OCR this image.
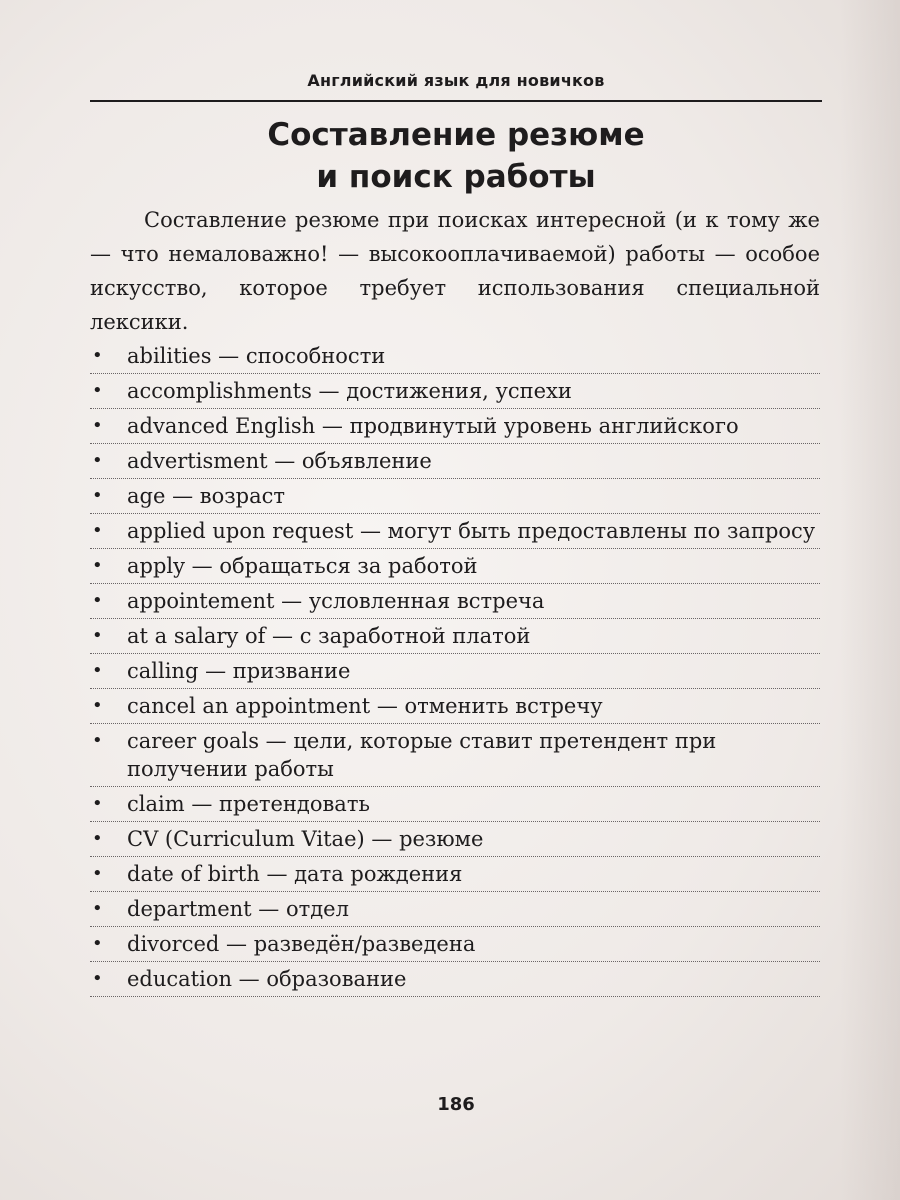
Английский язык для новичков
Составление резюме
и поиск работы

Составление резюме при поисках интересной (и к тому же — что немаловажно! — высокооплачиваемой) работы — особое искусство, которое требует использования специальной лексики.

• abilities — способности
• accomplishments — достижения, успехи
• advanced English — продвинутый уровень английского
• advertisment — объявление
• age — возраст
• applied upon request — могут быть предоставлены по запросу
• apply — обращаться за работой
• appointement — условленная встреча
• at a salary of — с заработной платой
• calling — призвание
• cancel an appointment — отменить встречу
• career goals — цели, которые ставит претендент при получении работы
• claim — претендовать
• CV (Curriculum Vitae) — резюме
• date of birth — дата рождения
• department — отдел
• divorced — разведён/разведена
• education — образование
186
